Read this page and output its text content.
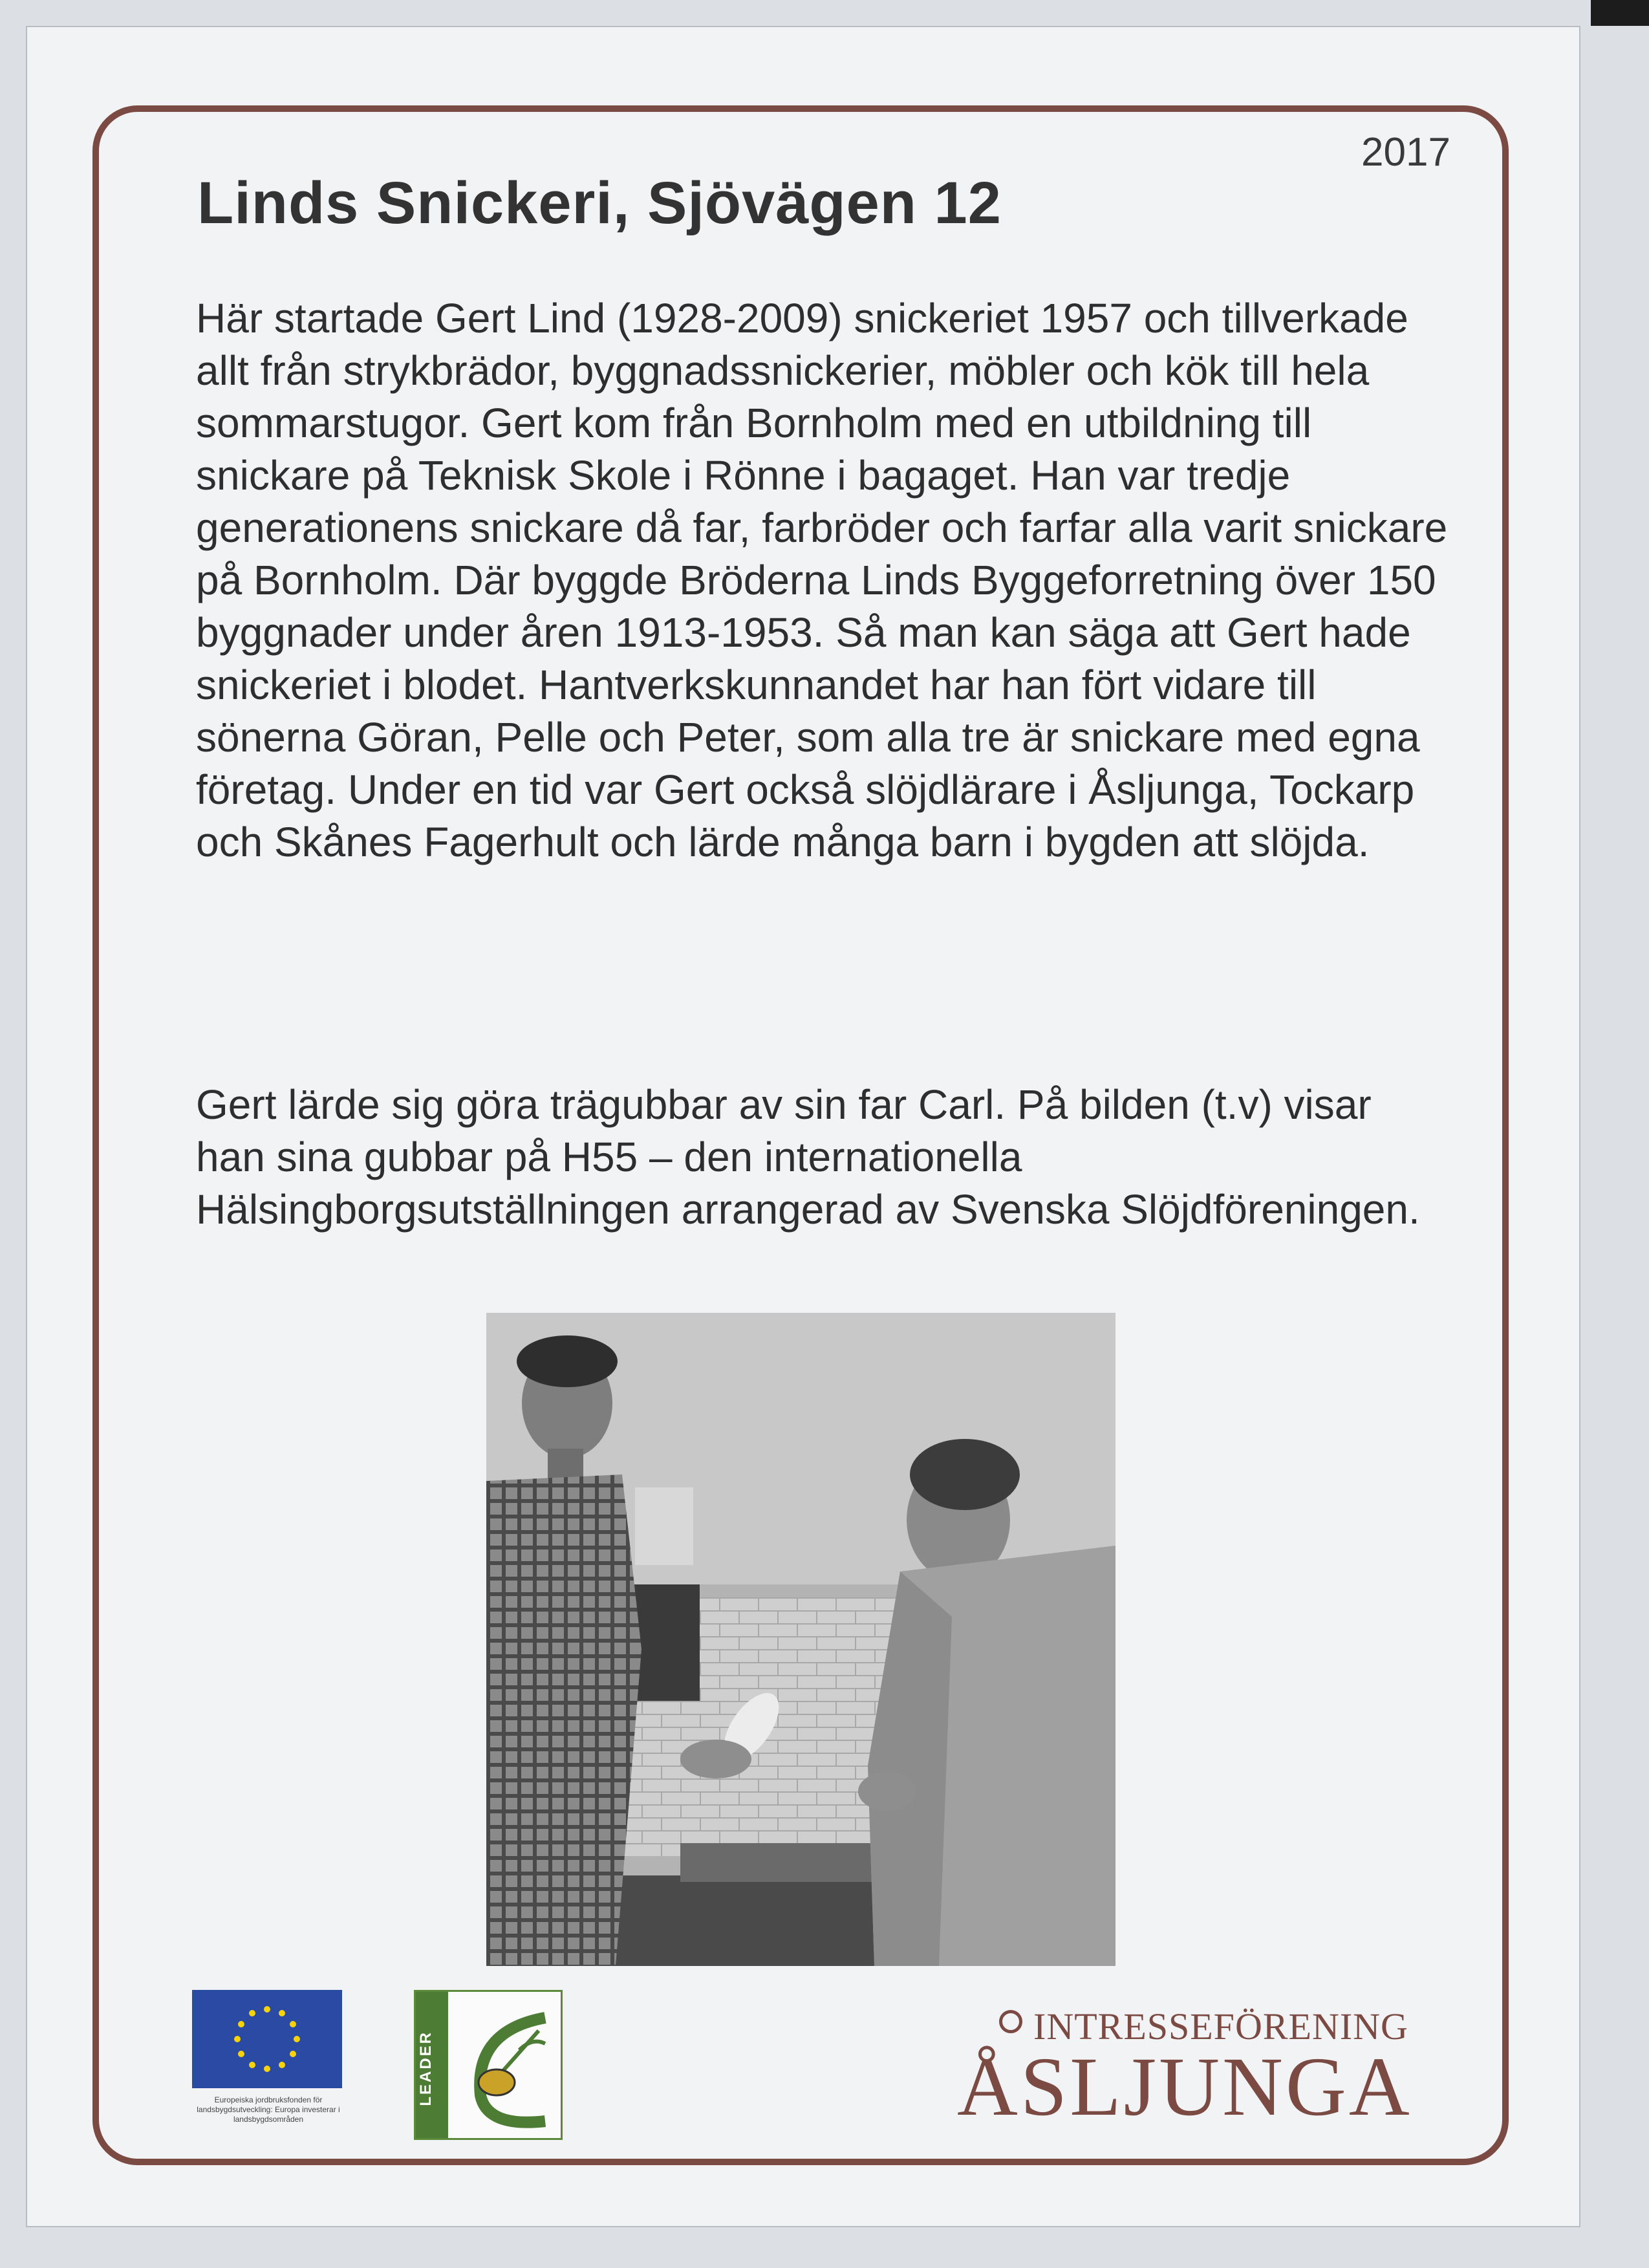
2017
Linds Snickeri, Sjövägen 12

Här startade Gert Lind (1928-2009) snickeriet 1957 och tillverkade allt från strykbrädor, byggnadssnickerier, möbler och kök till hela sommarstugor. Gert kom från Bornholm med en utbildning till snickare på Teknisk Skole i Rönne i bagaget. Han var tredje generationens snickare då far, farbröder och farfar alla varit snickare på Bornholm. Där byggde Bröderna Linds Byggeforretning över 150 byggnader under åren 1913-1953. Så man kan säga att Gert hade snickeriet i blodet. Hantverkskunnandet har han fört vidare till sönerna Göran, Pelle och Peter, som alla tre är snickare med egna företag. Under en tid var Gert också slöjdlärare i Åsljunga, Tockarp och Skånes Fagerhult och lärde många barn i bygden att slöjda.

Gert lärde sig göra trägubbar av sin far Carl. På bilden (t.v) visar han sina gubbar på H55 – den internationella Hälsingborgsutställningen arrangerad av Svenska Slöjdföreningen.

Europeiska jordbruksfonden för landsbygdsutveckling: Europa investerar i landsbygdsområden

LEADER

INTRESSEFÖRENING

ÅSLJUNGA
